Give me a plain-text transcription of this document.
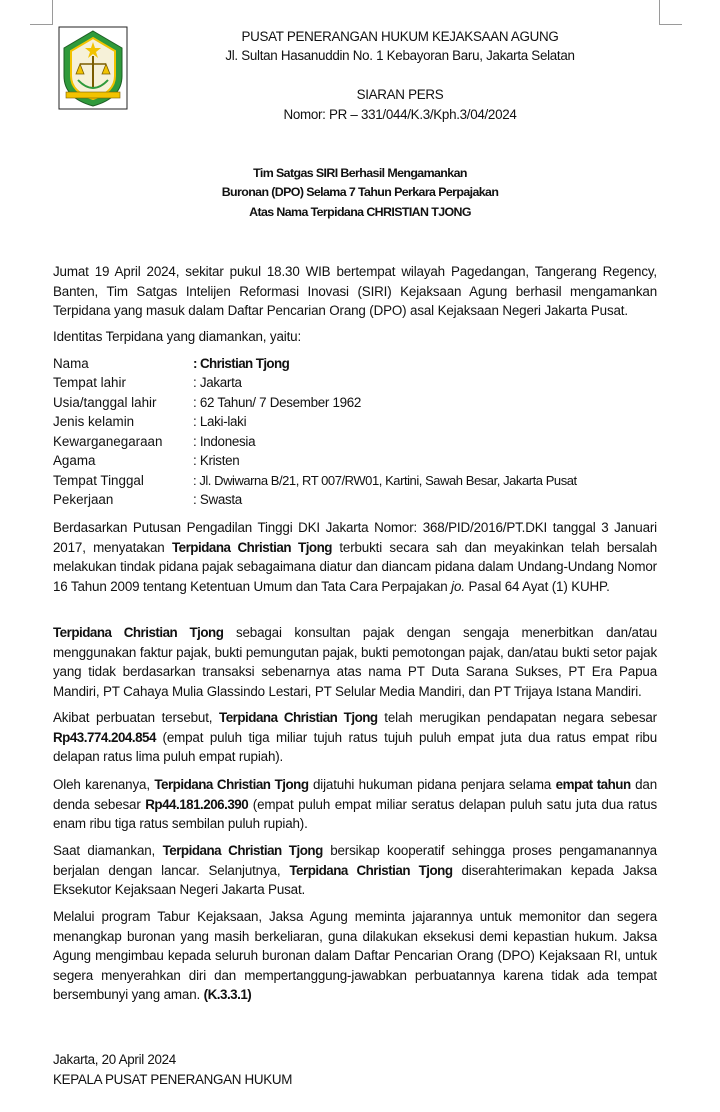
PUSAT PENERANGAN HUKUM KEJAKSAAN AGUNG
Jl. Sultan Hasanuddin No. 1 Kebayoran Baru, Jakarta Selatan
SIARAN PERS
Nomor: PR – 331/044/K.3/Kph.3/04/2024
Tim Satgas SIRI Berhasil Mengamankan
Buronan (DPO) Selama 7 Tahun Perkara Perpajakan
Atas Nama Terpidana CHRISTIAN TJONG

Jumat 19 April 2024, sekitar pukul 18.30 WIB bertempat wilayah Pagedangan, Tangerang Regency, Banten, Tim Satgas Intelijen Reformasi Inovasi (SIRI) Kejaksaan Agung berhasil mengamankan Terpidana yang masuk dalam Daftar Pencarian Orang (DPO) asal Kejaksaan Negeri Jakarta Pusat.

Identitas Terpidana yang diamankan, yaitu:

Nama	: Christian Tjong
Tempat lahir	: Jakarta
Usia/tanggal lahir	: 62 Tahun/ 7 Desember 1962
Jenis kelamin	: Laki-laki
Kewarganegaraan : Indonesia
Agama	: Kristen
Tempat Tinggal	: Jl. Dwiwarna B/21, RT 007/RW01, Kartini, Sawah Besar, Jakarta Pusat
Pekerjaan	: Swasta

Berdasarkan Putusan Pengadilan Tinggi DKI Jakarta Nomor: 368/PID/2016/PT.DKI tanggal 3 Januari 2017, menyatakan Terpidana Christian Tjong terbukti secara sah dan meyakinkan telah bersalah melakukan tindak pidana pajak sebagaimana diatur dan diancam pidana dalam Undang-Undang Nomor 16 Tahun 2009 tentang Ketentuan Umum dan Tata Cara Perpajakan jo. Pasal 64 Ayat (1) KUHP.

Terpidana Christian Tjong sebagai konsultan pajak dengan sengaja menerbitkan dan/atau menggunakan faktur pajak, bukti pemungutan pajak, bukti pemotongan pajak, dan/atau bukti setor pajak yang tidak berdasarkan transaksi sebenarnya atas nama PT Duta Sarana Sukses, PT Era Papua Mandiri, PT Cahaya Mulia Glassindo Lestari, PT Selular Media Mandiri, dan PT Trijaya Istana Mandiri.

Akibat perbuatan tersebut, Terpidana Christian Tjong telah merugikan pendapatan negara sebesar Rp43.774.204.854 (empat puluh tiga miliar tujuh ratus tujuh puluh empat juta dua ratus empat ribu delapan ratus lima puluh empat rupiah).

Oleh karenanya, Terpidana Christian Tjong dijatuhi hukuman pidana penjara selama empat tahun dan denda sebesar Rp44.181.206.390 (empat puluh empat miliar seratus delapan puluh satu juta dua ratus enam ribu tiga ratus sembilan puluh rupiah).

Saat diamankan, Terpidana Christian Tjong bersikap kooperatif sehingga proses pengamanannya berjalan dengan lancar. Selanjutnya, Terpidana Christian Tjong diserahterimakan kepada Jaksa Eksekutor Kejaksaan Negeri Jakarta Pusat.

Melalui program Tabur Kejaksaan, Jaksa Agung meminta jajarannya untuk memonitor dan segera menangkap buronan yang masih berkeliaran, guna dilakukan eksekusi demi kepastian hukum. Jaksa Agung mengimbau kepada seluruh buronan dalam Daftar Pencarian Orang (DPO) Kejaksaan RI, untuk segera menyerahkan diri dan mempertanggung-jawabkan perbuatannya karena tidak ada tempat bersembunyi yang aman. (K.3.3.1)

Jakarta, 20 April 2024
KEPALA PUSAT PENERANGAN HUKUM
